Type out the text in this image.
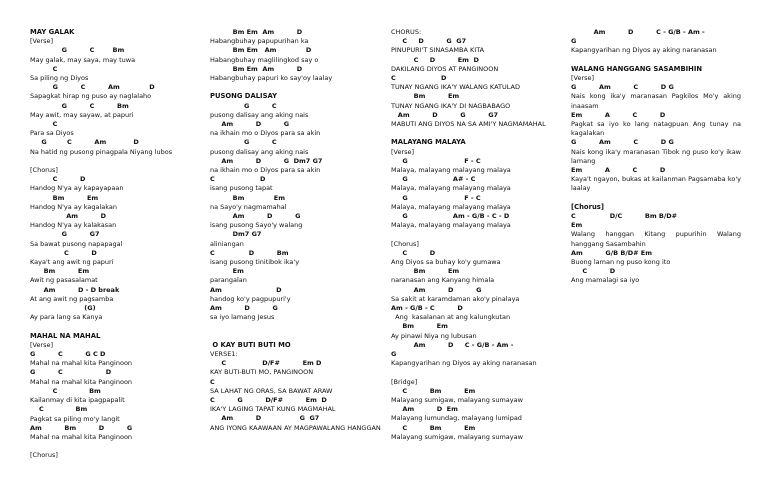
MAY GALAK
[Verse]
G          C        Bm
May galak, may saya, may tuwa
C
Sa piling ng Diyos
G          C          Am             D
Sapagkat hirap ng puso ay naglalaho
G          C          Bm
May awit, may sayaw, at papuri
C
Para sa Diyos
G         C          Am            D
Na hatid ng pusong pinagpala Niyang lubos
[Chorus]
C          D
Handog N'ya ay kapayapaan
Bm          Em
Handog N'ya ay kagalakan
Am          D
Handog N'ya ay kalakasan
G          G7
Sa bawat pusong napapagal
C          D
Kaya't ang awit ng papuri
Bm          Em
Awit ng pasasalamat
Am          D - D break
At ang awit ng pagsamba
(G)
Ay para lang sa Kanya
MAHAL NA MAHAL
[Verse]
G          C          G C D
Mahal na mahal kita Panginoon
G          C                   D
Mahal na mahal kita Panginoon
C              Bm
Kailanmay di kita ipagpapalit
C              Bm
Pagkat sa piling mo'y langit
Am          Bm          D          G
Mahal na mahal kita Panginoon
[Chorus]
Bm Em  Am          D
Habangbuhay papupurihan ka
Bm Em   Am             D
Habangbuhay maglilingkod say o
Bm Em  Am          D
Habangbuhay papuri ko say'oy laalay
PUSONG DALISAY
G          C
pusong dalisay ang aking nais
Am          D          G
na ikhain mo o Diyos para sa akin
G          C
pusong dalisay ang aking nais
Am          D          G  Dm7 G7
na ikhain mo o Diyos para sa akin
C                    D
isang pusong tapat
Bm             Em
na Sayo'y nagmamahal
Am          D          G
isang pusong Sayo'y walang
Dm7 G7
aliniangan
C               D          Bm
isang pusong tinitibok ika'y
Em
parangalan
Am                        D
handog ko'y pagpupuri'y
Am          D          G
sa iyo lamang Jesus
O KAY BUTI BUTI MO
VERSE1:
C                D/F#          Em D
KAY BUTI-BUTI MO, PANGINOON
C
SA LAHAT NG ORAS, SA BAWAT ARAW
C          G          D/F#          Em  D
IKA'Y LAGING TAPAT KUNG MAGMAHAL
Am          D                 G  G7
ANG IYONG KAAWAAN AY MAGPAWALANG HANGGAN
CHORUS:
C     D          G  G7
PINUPURI'T SINASAMBA KITA
C     D          Em  D
DAKILANG DIYOS AT PANGINOON
C                    D
TUNAY NGANG IKA'Y WALANG KATULAD
Bm          Em
TUNAY NGANG IKA'Y DI NAGBABAGO
Am          D          G          G7
MABUTI ANG DIYOS NA SA AMI'Y NAGMAMAHAL
MALAYANG MALAYA
[Verse]
G                         F - C
Malaya, malayang malayang malaya
G                    A# - C
Malaya, malayang malayang malaya
G                         F - C
Malaya, malayang malayang malaya
G                    Am - G/B - C - D
Malaya, malayang malayang malaya
[Chorus]
C          D
Ang Diyos sa buhay ko'y gumawa
Bm          Em
naranasan ang Kanyang himala
Am          D          G
Sa sakit at karamdaman ako'y pinalaya
Am - G/B - C          D
Ang  kasalanan at ang kalungkutan
Bm          Em
Ay pinawi Niya ng lubusan
Am          D     C - G/B - Am -
G
Kapangyarihan ng Diyos ay aking naranasan
[Bridge]
C          Bm          Em
Malayang sumigaw, malayang sumayaw
Am          D  Em
Malayang lumundag, malayang lumipad
C          Bm          Em
Malayang sumigaw, malayang sumayaw
Am          D          C - G/B - Am -
G
Kapangyarihan ng Diyos ay aking naranasan
WALANG HANGGANG SASAMBIHIN
[Verse]
G          Am          C          D G
Nais kong ika'y maranasan Pagkilos Mo'y aking inaasam
Em          A          C          D
Pagkat sa iyo ko lang natagpuan Ang tunay na kagalakan
G          Am          C          D G
Nais kong ika'y maranasan Tibok ng puso ko'y ikaw lamang
Em          A          C          D
Kaya't ngayon, bukas at kailanman Pagsamaba ko'y laalay
[Chorus]
C               D/C          Bm B/D#
Em
Walang hanggan Kitang pupurihin Walang hanggang Sasambahin
Am          G/B B/D# Em
Buong laman ng puso kong ito
C          D
Ang mamalagi sa iyo
